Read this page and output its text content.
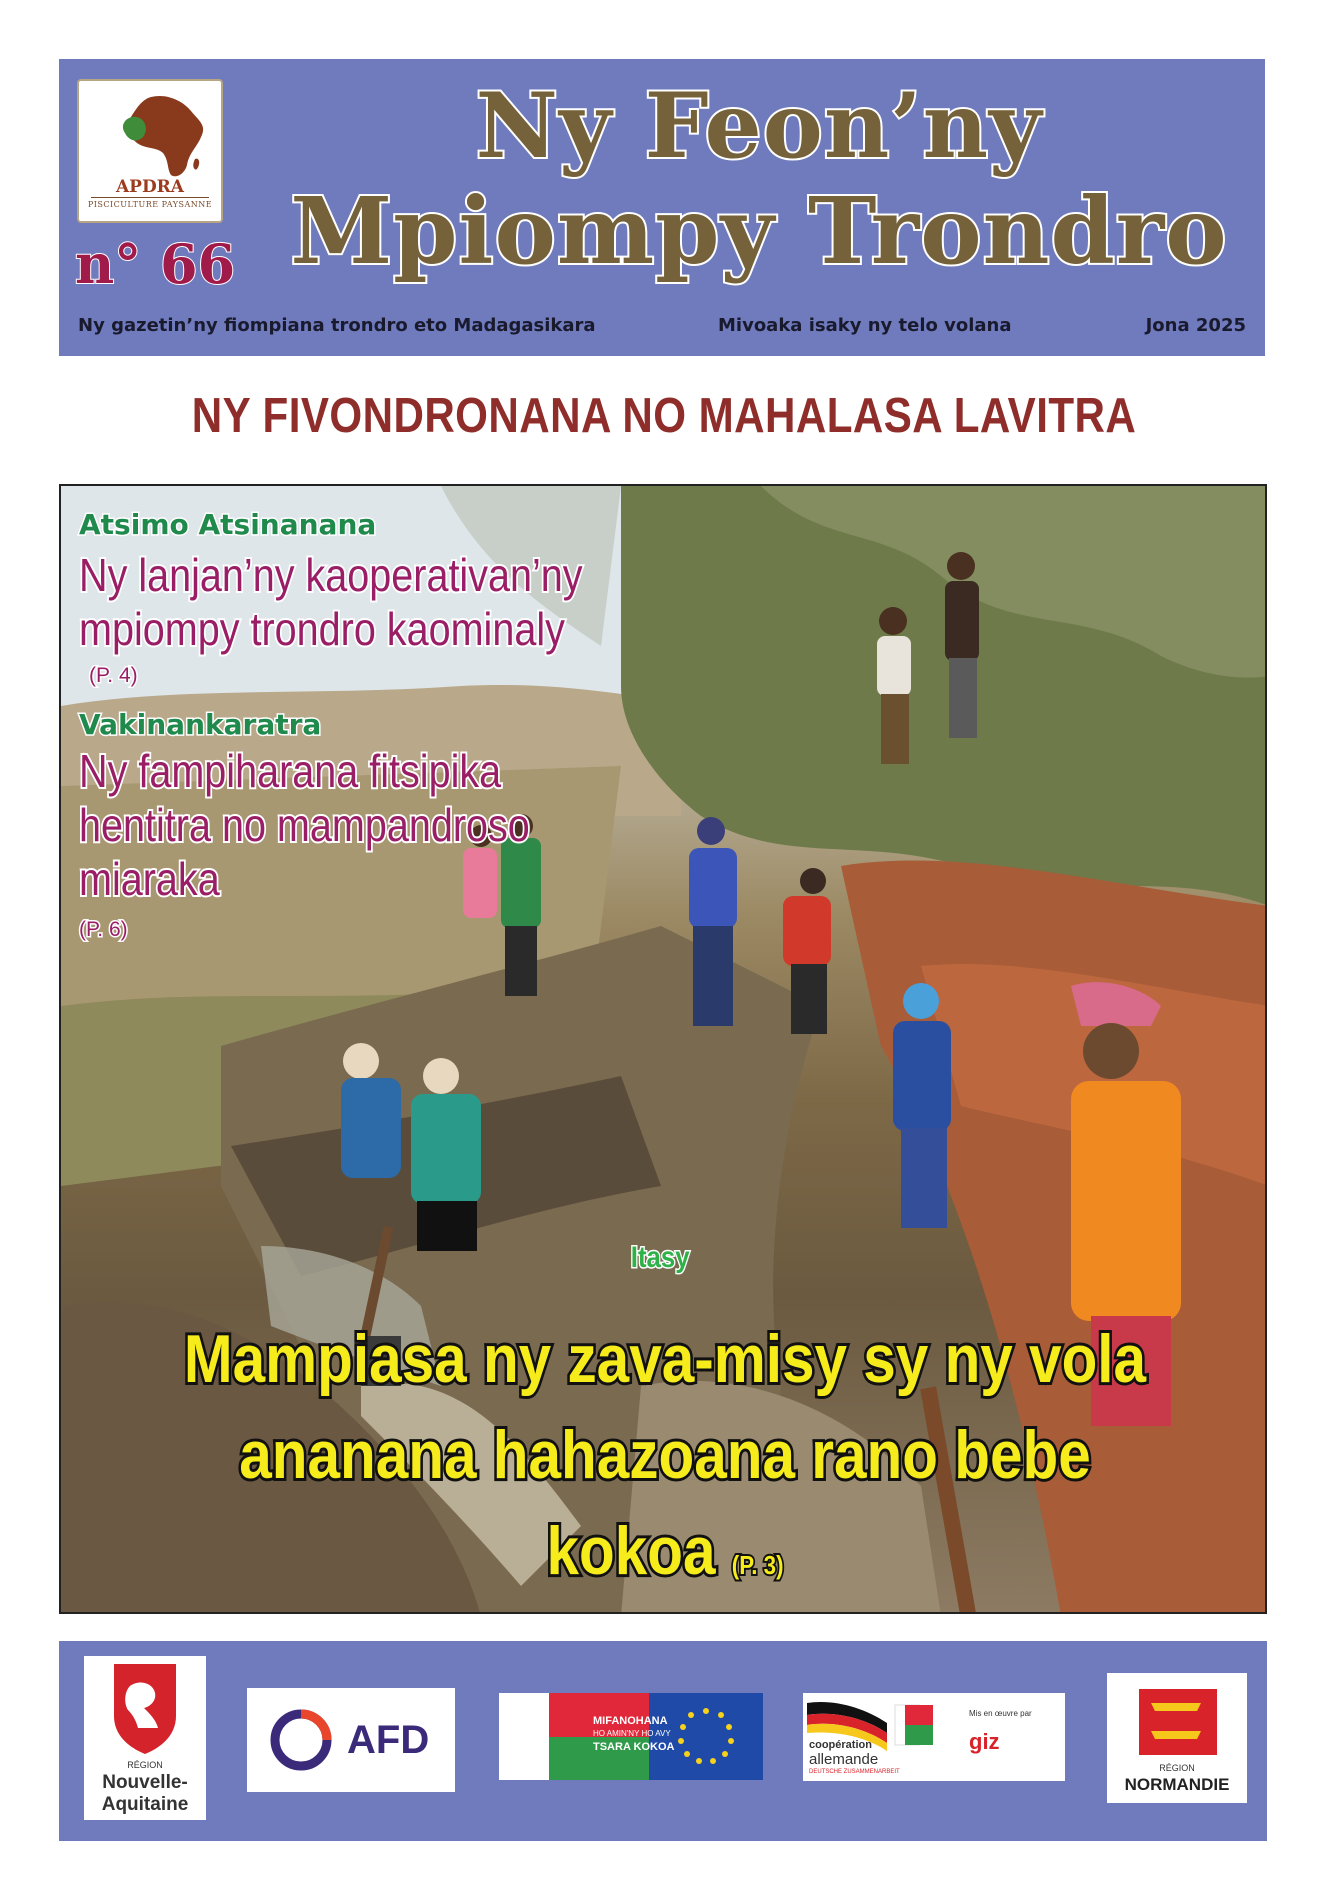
APDRA
PISCICULTURE PAYSANNE
n° 66
Ny Feon’ny
Mpiompy Trondro
Ny gazetin’ny fiompiana trondro eto Madagasikara	Mivoaka isaky ny telo volana	Jona 2025
NY FIVONDRONANA NO MAHALASA LAVITRA
Atsimo Atsinanana
Ny lanjan’ny kaoperativan’ny
mpiompy trondro kaominaly
(P. 4)
Vakinankaratra
Ny fampiharana fitsipika
hentitra no mampandroso
miaraka
(P. 6)
Itasy
Mampiasa ny zava-misy sy ny vola
ananana hahazoana rano bebe
kokoa (P. 3)
RÉGION
Nouvelle-
Aquitaine
AFD	MIFANOHANA
HO AMIN'NY HO AVY
TSARA KOKOA	coopération
allemande
DEUTSCHE ZUSAMMENARBEIT
Mis en œuvre par
giz
RÉGION
NORMANDIE
